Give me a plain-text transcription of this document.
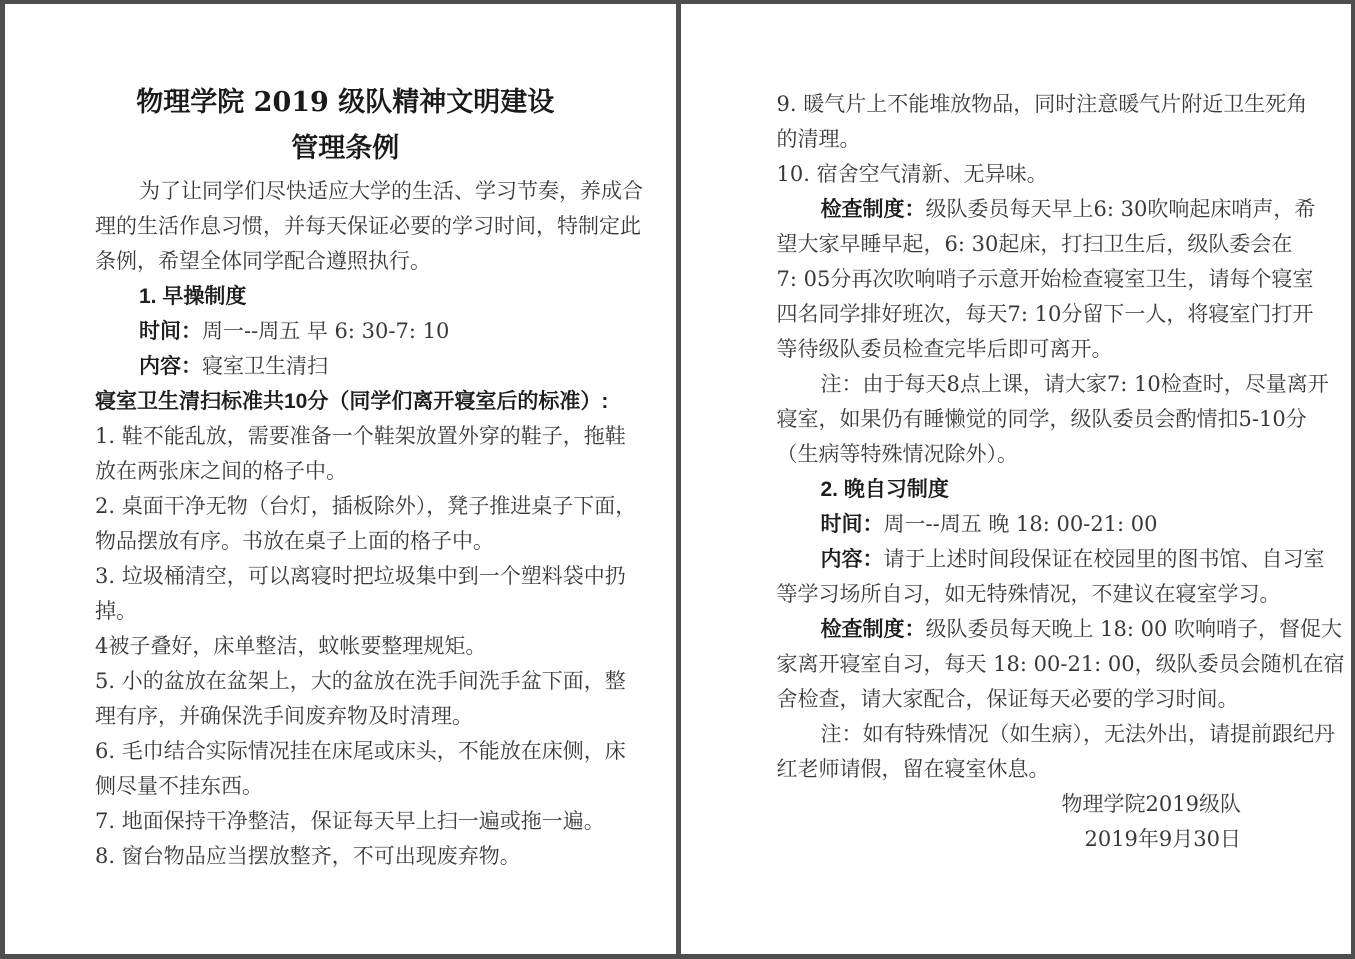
物理学院 2019 级队精神文明建设
管理条例
为了让同学们尽快适应大学的生活、学习节奏，养成合
理的生活作息习惯，并每天保证必要的学习时间，特制定此
条例，希望全体同学配合遵照执行。
1. 早操制度
时间：周一--周五 早 6: 30-7: 10
内容：寝室卫生清扫
寝室卫生清扫标准共10分（同学们离开寝室后的标准）:
1. 鞋不能乱放，需要准备一个鞋架放置外穿的鞋子，拖鞋
放在两张床之间的格子中。
2. 桌面干净无物（台灯，插板除外），凳子推进桌子下面，
物品摆放有序。书放在桌子上面的格子中。
3. 垃圾桶清空，可以离寝时把垃圾集中到一个塑料袋中扔
掉。
4被子叠好，床单整洁，蚊帐要整理规矩。
5. 小的盆放在盆架上，大的盆放在洗手间洗手盆下面，整
理有序，并确保洗手间废弃物及时清理。
6. 毛巾结合实际情况挂在床尾或床头，不能放在床侧，床
侧尽量不挂东西。
7. 地面保持干净整洁，保证每天早上扫一遍或拖一遍。
8. 窗台物品应当摆放整齐，不可出现废弃物。
9. 暖气片上不能堆放物品，同时注意暖气片附近卫生死角
的清理。
10. 宿舍空气清新、无异味。
检查制度：级队委员每天早上6: 30吹响起床哨声，希
望大家早睡早起，6: 30起床，打扫卫生后，级队委会在
7: 05分再次吹响哨子示意开始检查寝室卫生，请每个寝室
四名同学排好班次，每天7: 10分留下一人，将寝室门打开
等待级队委员检查完毕后即可离开。
注：由于每天8点上课，请大家7: 10检查时，尽量离开
寝室，如果仍有睡懒觉的同学，级队委员会酌情扣5-10分
（生病等特殊情况除外）。
2. 晚自习制度
时间：周一--周五 晚 18: 00-21: 00
内容：请于上述时间段保证在校园里的图书馆、自习室
等学习场所自习，如无特殊情况，不建议在寝室学习。
检查制度：级队委员每天晚上 18: 00 吹响哨子，督促大
家离开寝室自习，每天 18: 00-21: 00，级队委员会随机在宿
舍检查，请大家配合，保证每天必要的学习时间。
注：如有特殊情况（如生病），无法外出，请提前跟纪丹
红老师请假，留在寝室休息。
物理学院2019级队
2019年9月30日
